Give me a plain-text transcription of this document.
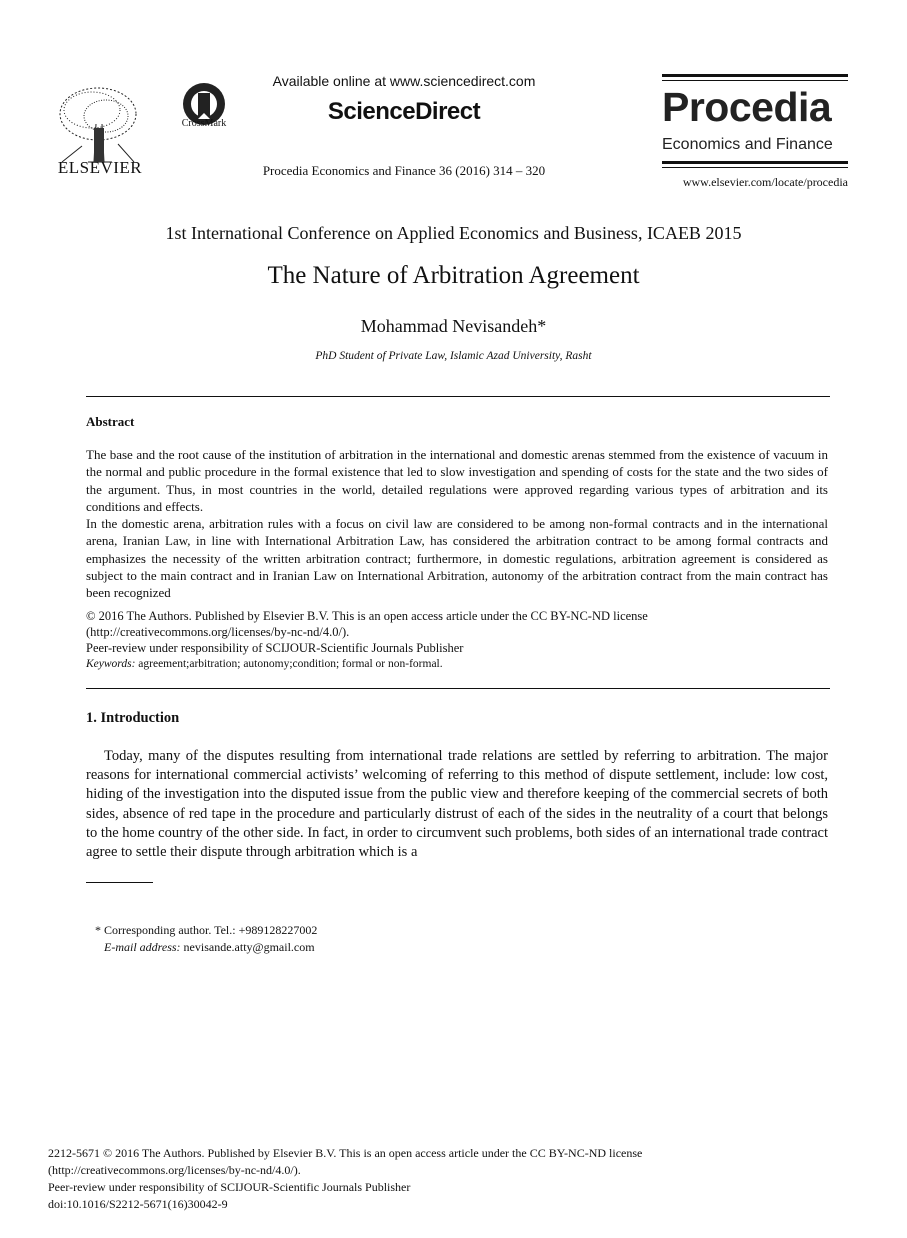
ELSEVIER
CrossMark
Available online at www.sciencedirect.com
ScienceDirect
Procedia Economics and Finance 36 (2016) 314 – 320
Procedia
Economics and Finance
www.elsevier.com/locate/procedia
1st International Conference on Applied Economics and Business, ICAEB 2015
The Nature of Arbitration Agreement
Mohammad Nevisandeh*
PhD Student of Private Law, Islamic Azad University, Rasht
Abstract

The base and the root cause of the institution of arbitration in the international and domestic arenas stemmed from the existence of vacuum in the normal and public procedure in the formal existence that led to slow investigation and spending of costs for the state and the two sides of the argument. Thus, in most countries in the world, detailed regulations were approved regarding various types of arbitration and its conditions and effects.

In the domestic arena, arbitration rules with a focus on civil law are considered to be among non-formal contracts and in the international arena, Iranian Law, in line with International Arbitration Law, has considered the arbitration contract to be among formal contracts and emphasizes the necessity of the written arbitration contract; furthermore, in domestic regulations, arbitration agreement is considered as subject to the main contract and in Iranian Law on International Arbitration, autonomy of the arbitration contract from the main contract has been recognized

© 2016 The Authors. Published by Elsevier B.V. This is an open access article under the CC BY-NC-ND license
(http://creativecommons.org/licenses/by-nc-nd/4.0/).
Peer-review under responsibility of SCIJOUR-Scientific Journals Publisher
Keywords: agreement;arbitration; autonomy;condition; formal or non-formal.
1. Introduction
Today, many of the disputes resulting from international trade relations are settled by referring to arbitration. The major reasons for international commercial activists’ welcoming of referring to this method of dispute settlement, include: low cost, hiding of the investigation into the disputed issue from the public view and therefore keeping of the commercial secrets of both sides, absence of red tape in the procedure and particularly distrust of each of the sides in the neutrality of a court that belongs to the home country of the other side. In fact, in order to circumvent such problems, both sides of an international trade contract agree to settle their dispute through arbitration which is a
* Corresponding author. Tel.: +989128227002
E-mail address: nevisande.atty@gmail.com
2212-5671 © 2016 The Authors. Published by Elsevier B.V. This is an open access article under the CC BY-NC-ND license
(http://creativecommons.org/licenses/by-nc-nd/4.0/).
Peer-review under responsibility of SCIJOUR-Scientific Journals Publisher
doi:10.1016/S2212-5671(16)30042-9
